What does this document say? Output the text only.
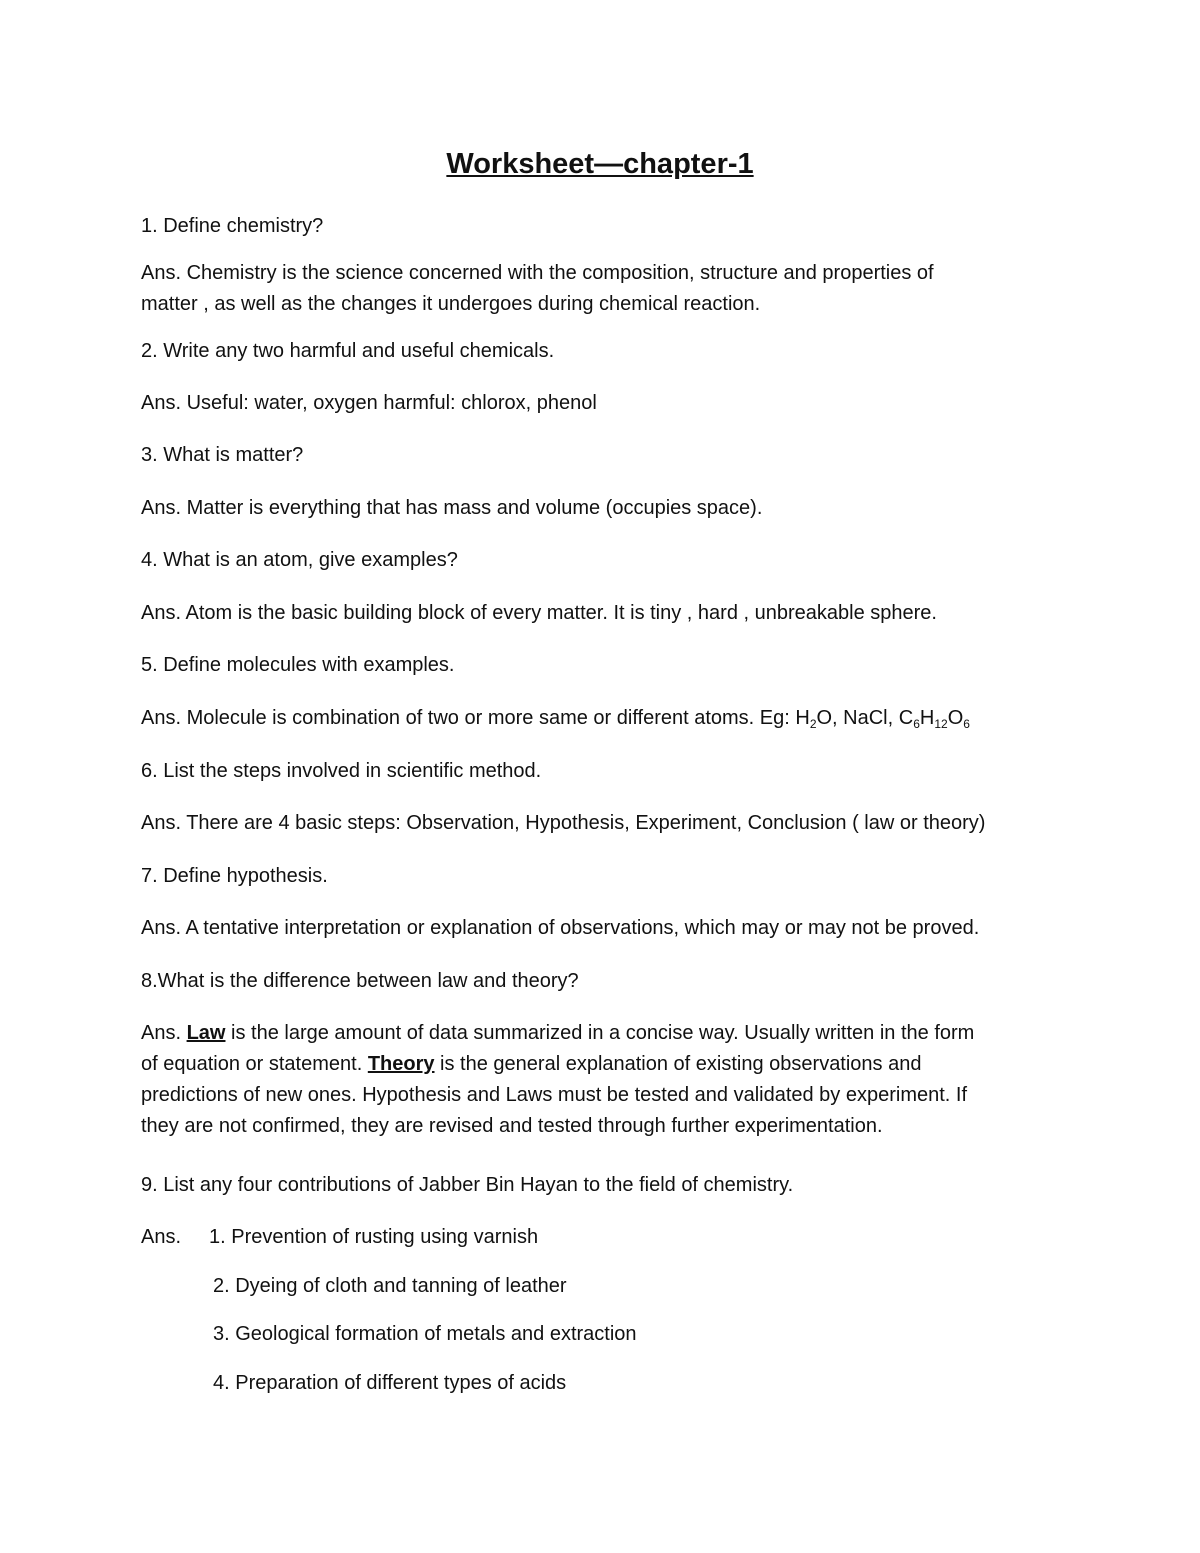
Worksheet—chapter-1
1. Define chemistry?

Ans. Chemistry is the science concerned with the composition, structure and properties of

matter , as well as the changes it undergoes during chemical reaction.

2. Write any two harmful and useful chemicals.
Ans. Useful: water, oxygen harmful: chlorox, phenol
3. What is matter?
Ans. Matter is everything that has mass and volume (occupies space).
4. What is an atom, give examples?
Ans. Atom is the basic building block of every matter. It is tiny , hard , unbreakable sphere.
5. Define molecules with examples.
Ans. Molecule is combination of two or more same or different atoms. Eg: $H_2O$, NaCl, $C_6H_{12}O_6$
6. List the steps involved in scientific method.
Ans. There are 4 basic steps: Observation, Hypothesis, Experiment, Conclusion ( law or theory)
7. Define hypothesis.
Ans. A tentative interpretation or explanation of observations, which may or may not be proved.
8.What is the difference between law and theory?

Ans. Law is the large amount of data summarized in a concise way. Usually written in the form

of equation or statement. Theory is the general explanation of existing observations and

predictions of new ones. Hypothesis and Laws must be tested and validated by experiment. If

they are not confirmed, they are revised and tested through further experimentation.

9. List any four contributions of Jabber Bin Hayan to the field of chemistry.
Ans. 1. Prevention of rusting using varnish
2. Dyeing of cloth and tanning of leather
3. Geological formation of metals and extraction
4. Preparation of different types of acids
